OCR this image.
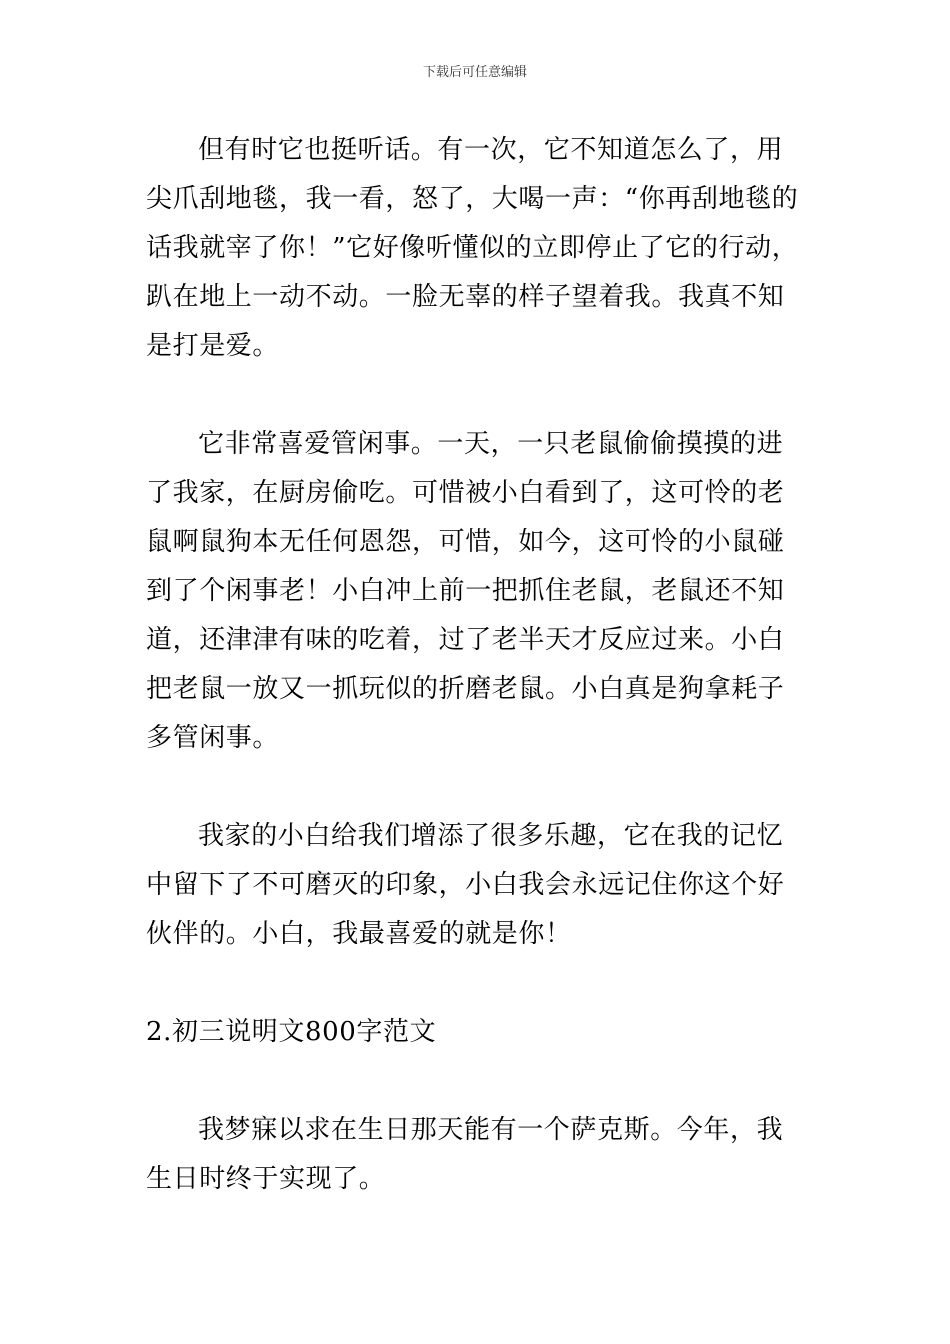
下载后可任意编辑

但有时它也挺听话。有一次，它不知道怎么了，用尖爪刮地毯，我一看，怒了，大喝一声：“你再刮地毯的话我就宰了你！”它好像听懂似的立即停止了它的行动，趴在地上一动不动。一脸无辜的样子望着我。我真不知是打是爱。

它非常喜爱管闲事。一天，一只老鼠偷偷摸摸的进了我家，在厨房偷吃。可惜被小白看到了，这可怜的老鼠啊鼠狗本无任何恩怨，可惜，如今，这可怜的小鼠碰到了个闲事老！小白冲上前一把抓住老鼠，老鼠还不知道，还津津有味的吃着，过了老半天才反应过来。小白把老鼠一放又一抓玩似的折磨老鼠。小白真是狗拿耗子多管闲事。

我家的小白给我们增添了很多乐趣，它在我的记忆中留下了不可磨灭的印象，小白我会永远记住你这个好伙伴的。小白，我最喜爱的就是你！

2.初三说明文800字范文

我梦寐以求在生日那天能有一个萨克斯。今年，我生日时终于实现了。
